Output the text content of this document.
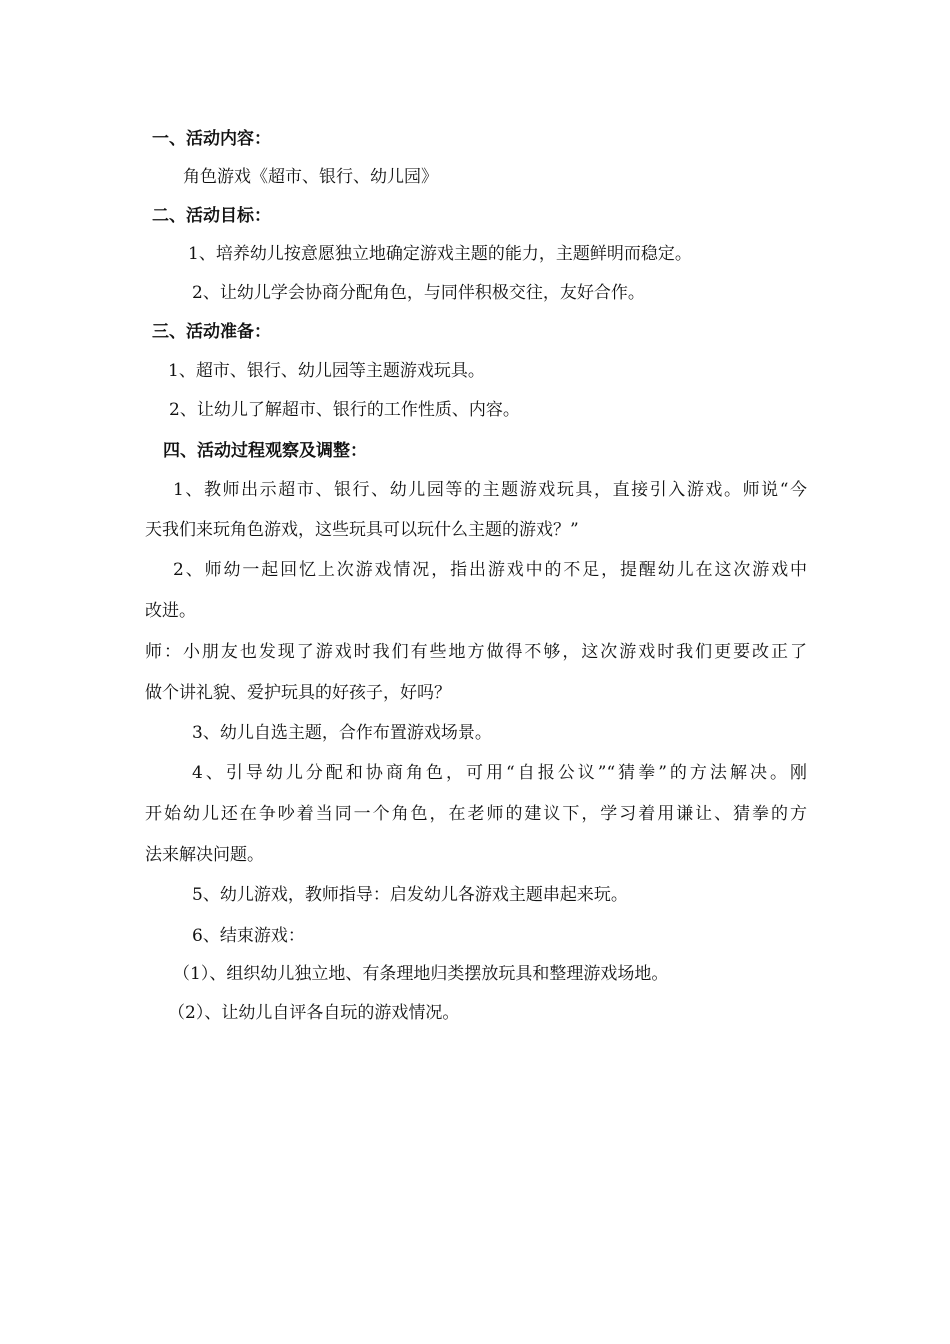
一、活动内容：
角色游戏《超市、银行、幼儿园》
二、活动目标：
1、培养幼儿按意愿独立地确定游戏主题的能力，主题鲜明而稳定。
2、让幼儿学会协商分配角色，与同伴积极交往，友好合作。
三、活动准备：
1、超市、银行、幼儿园等主题游戏玩具。
2、让幼儿了解超市、银行的工作性质、内容。
四、活动过程观察及调整：
1、教师出示超市、银行、幼儿园等的主题游戏玩具，直接引入游戏。师说“今
天我们来玩角色游戏，这些玩具可以玩什么主题的游戏？”
2、师幼一起回忆上次游戏情况，指出游戏中的不足，提醒幼儿在这次游戏中
改进。
师：小朋友也发现了游戏时我们有些地方做得不够，这次游戏时我们更要改正了
做个讲礼貌、爱护玩具的好孩子，好吗？
3、幼儿自选主题，合作布置游戏场景。
4、引导幼儿分配和协商角色，可用“自报公议”“猜拳”的方法解决。刚
开始幼儿还在争吵着当同一个角色，在老师的建议下，学习着用谦让、猜拳的方
法来解决问题。
5、幼儿游戏，教师指导：启发幼儿各游戏主题串起来玩。
6、结束游戏：
（1）、组织幼儿独立地、有条理地归类摆放玩具和整理游戏场地。
（2）、让幼儿自评各自玩的游戏情况。
